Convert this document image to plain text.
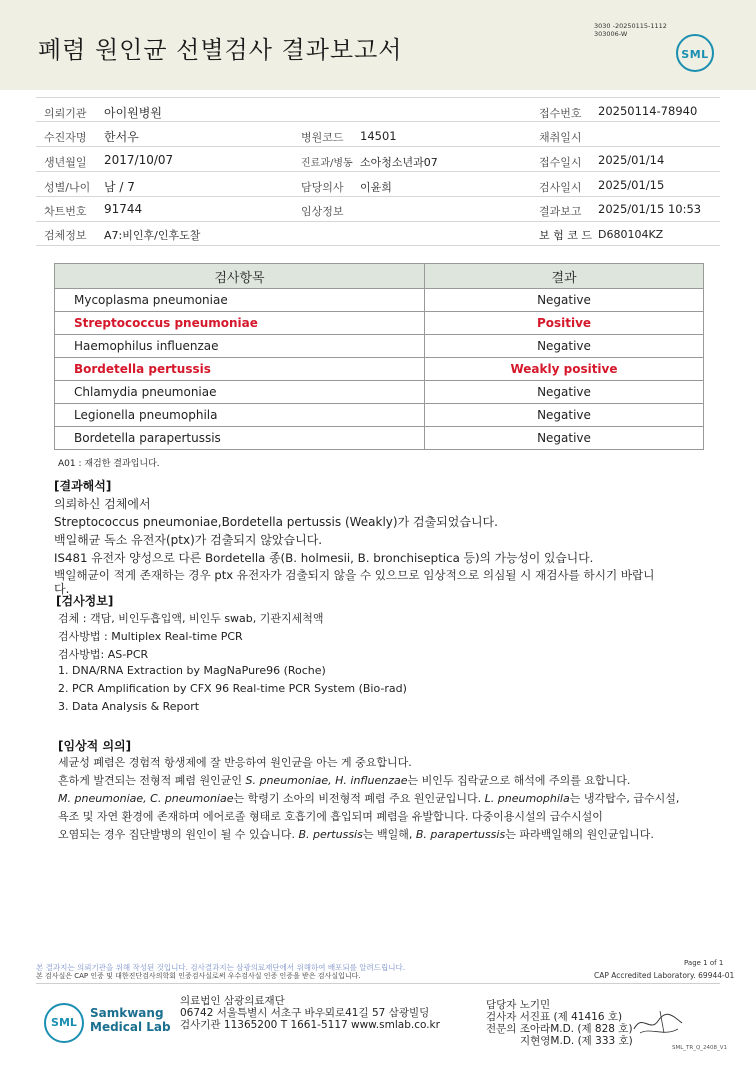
폐렴 원인균 선별검사 결과보고서
3030 -20250115-1112
303006-W
SML
의뢰기관 아이원병원	접수번호 20250114-78940
수진자명 한서우	병원코드 14501	채취일시
생년월일 2017/10/07	진료과/병동 소아청소년과07	접수일시 2025/01/14
성별/나이 남 / 7	담당의사 이윤희	검사일시 2025/01/15
차트번호 91744	임상정보	결과보고 2025/01/15 10:53
검체정보 A7:비인후/인후도찰	보 험 코 드 D680104KZ
검사항목	결과
Mycoplasma pneumoniae	Negative
Streptococcus pneumoniae	Positive
Haemophilus influenzae	Negative
Bordetella pertussis	Weakly positive
Chlamydia pneumoniae	Negative
Legionella pneumophila	Negative
Bordetella parapertussis	Negative
A01 : 재검한 결과입니다.
[결과해석]
의뢰하신 검체에서
Streptococcus pneumoniae,Bordetella pertussis (Weakly)가 검출되었습니다.
백일해균 독소 유전자(ptx)가 검출되지 않았습니다.
IS481 유전자 양성으로 다른 Bordetella 종(B. holmesii, B. bronchiseptica 등)의 가능성이 있습니다.
백일해균이 적게 존재하는 경우 ptx 유전자가 검출되지 않을 수 있으므로 임상적으로 의심될 시 재검사를 하시기 바랍니
다.
[검사정보]
검체 : 객담, 비인두흡입액, 비인두 swab, 기관지세척액
검사방법 : Multiplex Real-time PCR
검사방법: AS-PCR
1. DNA/RNA Extraction by MagNaPure96 (Roche)
2. PCR Amplification by CFX 96 Real-time PCR System (Bio-rad)
3. Data Analysis & Report
[임상적 의의]
세균성 폐렴은 경험적 항생제에 잘 반응하여 원인균을 아는 게 중요합니다.
흔하게 발견되는 전형적 폐렴 원인균인 S. pneumoniae, H. influenzae는 비인두 집락균으로 해석에 주의를 요합니다.
M. pneumoniae, C. pneumoniae는 학령기 소아의 비전형적 폐렴 주요 원인균입니다. L. pneumophila는 냉각탑수, 급수시설,
욕조 및 자연 환경에 존재하며 에어로졸 형태로 호흡기에 흡입되며 폐렴을 유발합니다. 다중이용시설의 급수시설이
오염되는 경우 집단발병의 원인이 될 수 있습니다. B. pertussis는 백일해, B. parapertussis는 파라백일해의 원인균입니다.
본 결과지는 의뢰기관을 위해 작성된 것입니다. 검사결과지는 삼광의료재단에서 위해하여 배포되를 알려드립니다.
본 검사실은 CAP 인증 및 대한진단검사의학회 인증검사실로써 우수검사실 인증 인증을 받은 검사실입니다.
Page 1 of 1
CAP Accredited Laboratory. 69944-01
SML
Samkwang
Medical Lab
의료법인 삼광의료재단
06742 서울특별시 서초구 바우뫼로41길 57 삼광빌딩
검사기관 11365200 T 1661-5117 www.smlab.co.kr
담당자 노기민
검사자 서진표 (제 41416 호)
전문의 조아라M.D. (제 828 호)
지현영M.D. (제 333 호)
SML_TR_Q_2408_V1
